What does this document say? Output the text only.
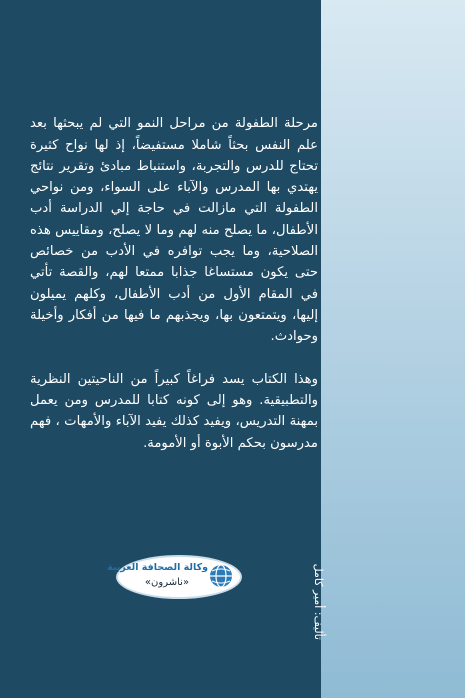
تأليف: أمير كامل

مرحلة الطفولة من مراحل النمو التي لم يبحثها بعد علم النفس بحثاً شاملا مستفيضاً، إذ لها نواح كثيرة تحتاج للدرس والتجربة، واستنباط مبادئ وتقرير نتائج يهتدي بها المدرس والآباء على السواء، ومن نواحي الطفولة التي مازالت في حاجة إلي الدراسة أدب الأطفال، ما يصلح منه لهم وما لا يصلح، ومقاييس هذه الصلاحية، وما يجب توافره في الأدب من خصائص حتى يكون مستساغا جذابا ممتعا لهم، والقصة تأتي في المقام الأول من أدب الأطفال، وكلهم يميلون إليها، ويتمتعون بها، ويجذبهم ما فيها من أفكار وأخيلة وحوادث.

وهذا الكتاب يسد فراغاً كبيراً من الناحيتين النظرية والتطبيقية. وهو إلى كونه كتابا للمدرس ومن يعمل بمهنة التدريس، ويفيد كذلك يفيد الآباء والأمهات ، فهم مدرسون بحكم الأبوة أو الأمومة.

وكالة الصحافة العربية
«ناشرون»
